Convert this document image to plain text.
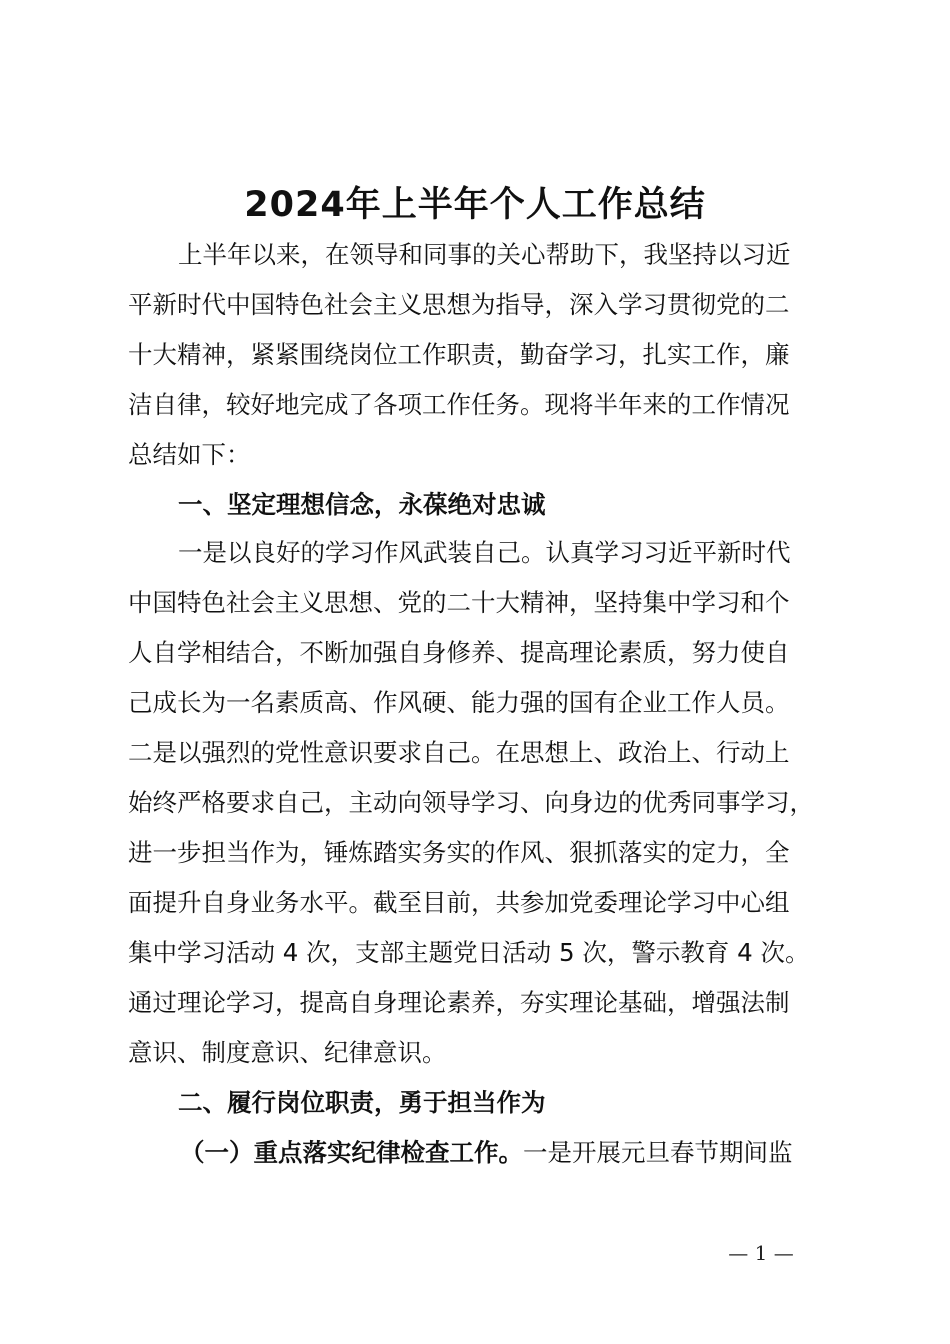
2024年上半年个人工作总结
上半年以来，在领导和同事的关心帮助下，我坚持以习近
平新时代中国特色社会主义思想为指导，深入学习贯彻党的二
十大精神，紧紧围绕岗位工作职责，勤奋学习，扎实工作，廉
洁自律，较好地完成了各项工作任务。现将半年来的工作情况
总结如下：
一、坚定理想信念，永葆绝对忠诚
一是以良好的学习作风武装自己。认真学习习近平新时代
中国特色社会主义思想、党的二十大精神，坚持集中学习和个
人自学相结合，不断加强自身修养、提高理论素质，努力使自
己成长为一名素质高、作风硬、能力强的国有企业工作人员。
二是以强烈的党性意识要求自己。在思想上、政治上、行动上
始终严格要求自己，主动向领导学习、向身边的优秀同事学习，
进一步担当作为，锤炼踏实务实的作风、狠抓落实的定力，全
面提升自身业务水平。截至目前，共参加党委理论学习中心组
集中学习活动 4 次，支部主题党日活动 5 次，警示教育 4 次。
通过理论学习，提高自身理论素养，夯实理论基础，增强法制
意识、制度意识、纪律意识。
二、履行岗位职责，勇于担当作为
（一）重点落实纪律检查工作。一是开展元旦春节期间监
— 1 —
